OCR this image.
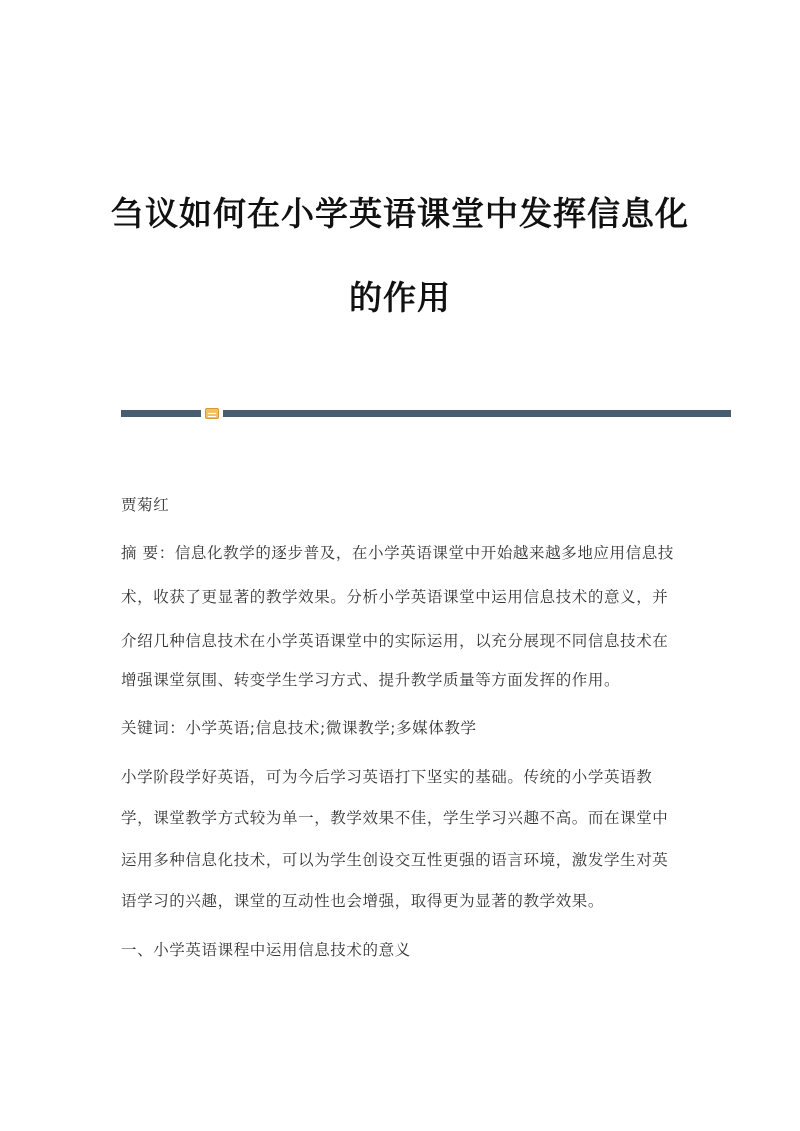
刍议如何在小学英语课堂中发挥信息化
的作用
贾菊红
摘 要：信息化教学的逐步普及，在小学英语课堂中开始越来越多地应用信息技
术，收获了更显著的教学效果。分析小学英语课堂中运用信息技术的意义，并
介绍几种信息技术在小学英语课堂中的实际运用，以充分展现不同信息技术在
增强课堂氛围、转变学生学习方式、提升教学质量等方面发挥的作用。
关键词：小学英语;信息技术;微课教学;多媒体教学
小学阶段学好英语，可为今后学习英语打下坚实的基础。传统的小学英语教
学，课堂教学方式较为单一，教学效果不佳，学生学习兴趣不高。而在课堂中
运用多种信息化技术，可以为学生创设交互性更强的语言环境，激发学生对英
语学习的兴趣，课堂的互动性也会增强，取得更为显著的教学效果。
一、小学英语课程中运用信息技术的意义
